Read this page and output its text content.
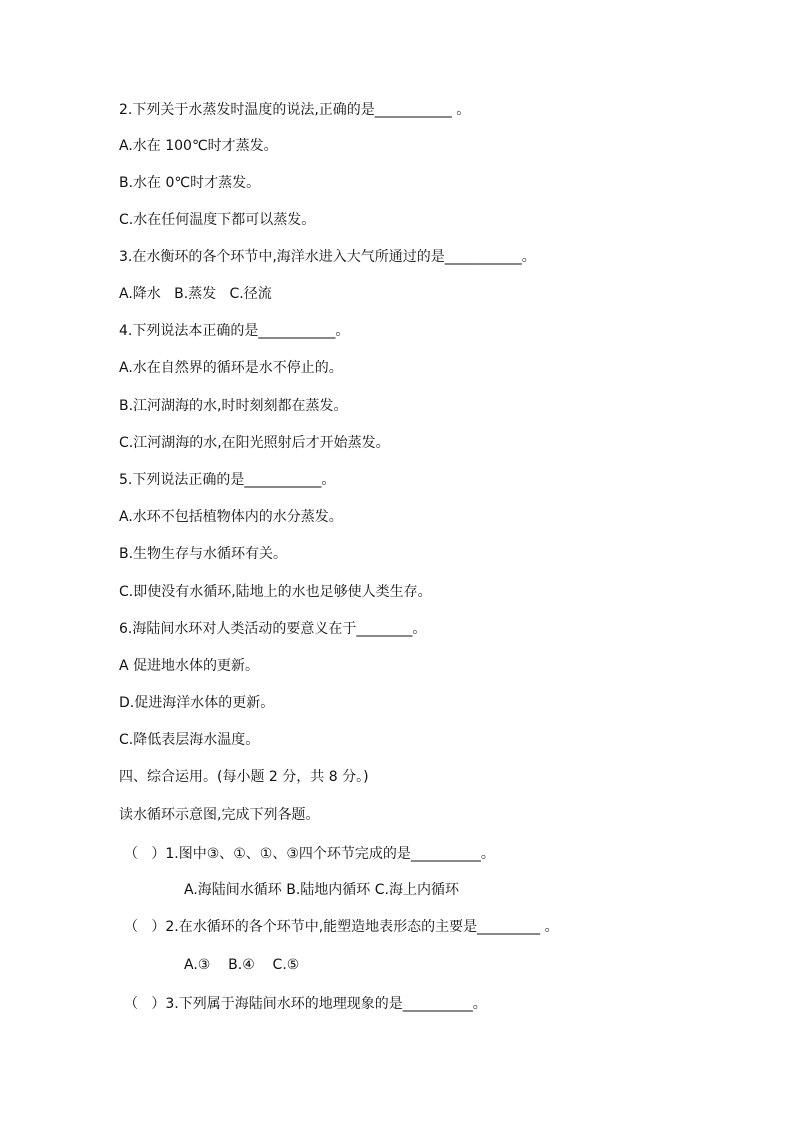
2.下列关于水蒸发时温度的说法,正确的是___________ 。
A.水在 100℃时才蒸发。
B.水在 0℃时才蒸发。
C.水在任何温度下都可以蒸发。
3.在水衡环的各个环节中,海洋水进入大气所通过的是___________。
A.降水   B.蒸发   C.径流
4.下列说法本正确的是___________。
A.水在自然界的循环是水不停止的。
B.江河湖海的水,时时刻刻都在蒸发。
C.江河湖海的水,在阳光照射后才开始蒸发。
5.下列说法正确的是___________。
A.水环不包括植物体内的水分蒸发。
B.生物生存与水循环有关。
C.即使没有水循环,陆地上的水也足够使人类生存。
6.海陆间水环对人类活动的要意义在于________。
A 促进地水体的更新。
D.促进海洋水体的更新。
C.降低表层海水温度。
四、综合运用。(每小题 2 分，共 8 分。)
读水循环示意图,完成下列各题。
（   ）1.图中③、①、①、③四个环节完成的是__________。
A.海陆间水循环 B.陆地内循环 C.海上内循环
（   ）2.在水循环的各个环节中,能塑造地表形态的主要是_________ 。
A.③    B.④    C.⑤
（   ）3.下列属于海陆间水环的地理现象的是__________。
